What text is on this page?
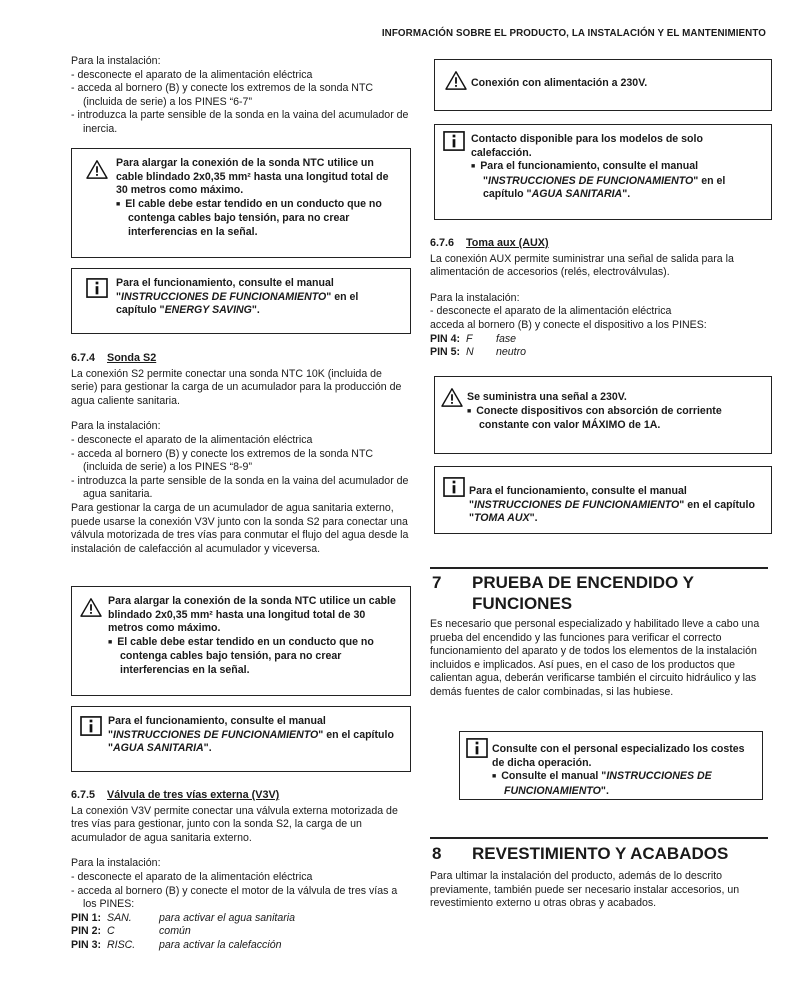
INFORMACIÓN SOBRE EL PRODUCTO, LA INSTALACIÓN Y EL MANTENIMIENTO

Para la instalación:

- desconecte el aparato de la alimentación eléctrica

- acceda al bornero (B) y conecte los extremos de la sonda NTC (incluida de serie) a los PINES “6-7”

- introduzca la parte sensible de la sonda en la vaina del acumulador de inercia.

Para alargar la conexión de la sonda NTC utilice un cable blindado 2x0,35 mm² hasta una longitud total de 30 metros como máximo.
■ El cable debe estar tendido en un conducto que no contenga cables bajo tensión, para no crear interferencias en la señal.
Para el funcionamiento, consulte el manual "INSTRUCCIONES DE FUNCIONAMIENTO" en el capítulo "ENERGY SAVING".

6.7.4 Sonda S2

La conexión S2 permite conectar una sonda NTC 10K (incluida de serie) para gestionar la carga de un acumulador para la producción de agua caliente sanitaria.

Para la instalación:

- desconecte el aparato de la alimentación eléctrica

- acceda al bornero (B) y conecte los extremos de la sonda NTC (incluida de serie) a los PINES “8-9”

- introduzca la parte sensible de la sonda en la vaina del acumulador de agua sanitaria.

Para gestionar la carga de un acumulador de agua sanitaria externo, puede usarse la conexión V3V junto con la sonda S2 para conectar una válvula motorizada de tres vías para conmutar el flujo del agua desde la instalación de calefacción al acumulador y viceversa.

Para alargar la conexión de la sonda NTC utilice un cable blindado 2x0,35 mm² hasta una longitud total de 30 metros como máximo.
■ El cable debe estar tendido en un conducto que no contenga cables bajo tensión, para no crear interferencias en la señal.
Para el funcionamiento, consulte el manual "INSTRUCCIONES DE FUNCIONAMIENTO" en el capítulo "AGUA SANITARIA".

6.7.5 Válvula de tres vías externa (V3V)

La conexión V3V permite conectar una válvula externa motorizada de tres vías para gestionar, junto con la sonda S2, la carga de un acumulador de agua sanitaria externo.

Para la instalación:

- desconecte el aparato de la alimentación eléctrica

- acceda al bornero (B) y conecte el motor de la válvula de tres vías a los PINES:

PIN 1: SAN.	para activar el agua sanitaria
PIN 2: C	común
PIN 3: RISC.	para activar la calefacción
Conexión con alimentación a 230V.
Contacto disponible para los modelos de solo calefacción.
■ Para el funcionamiento, consulte el manual "INSTRUCCIONES DE FUNCIONAMIENTO" en el capítulo "AGUA SANITARIA".

6.7.6 Toma aux (AUX)

La conexión AUX permite suministrar una señal de salida para la alimentación de accesorios (relés, electroválvulas).

Para la instalación:

- desconecte el aparato de la alimentación eléctrica

acceda al bornero (B) y conecte el dispositivo a los PINES:

PIN 4: F	fase
PIN 5: N	neutro
Se suministra una señal a 230V.
■ Conecte dispositivos con absorción de corriente constante con valor MÁXIMO de 1A.
Para el funcionamiento, consulte el manual "INSTRUCCIONES DE FUNCIONAMIENTO" en el capítulo "TOMA AUX".
7	PRUEBA DE ENCENDIDO Y
FUNCIONES

Es necesario que personal especializado y habilitado lleve a cabo una prueba del encendido y las funciones para verificar el correcto funcionamiento del aparato y de todos los elementos de la instalación incluidos e implicados. Así pues, en el caso de los productos que calientan agua, deberán verificarse también el circuito hidráulico y las demás fuentes de calor combinadas, si las hubiese.

Consulte con el personal especializado los costes de dicha operación.
■ Consulte el manual "INSTRUCCIONES DE FUNCIONAMIENTO".
8	REVESTIMIENTO Y ACABADOS

Para ultimar la instalación del producto, además de lo descrito previamente, también puede ser necesario instalar accesorios, un revestimiento externo u otras obras y acabados.
